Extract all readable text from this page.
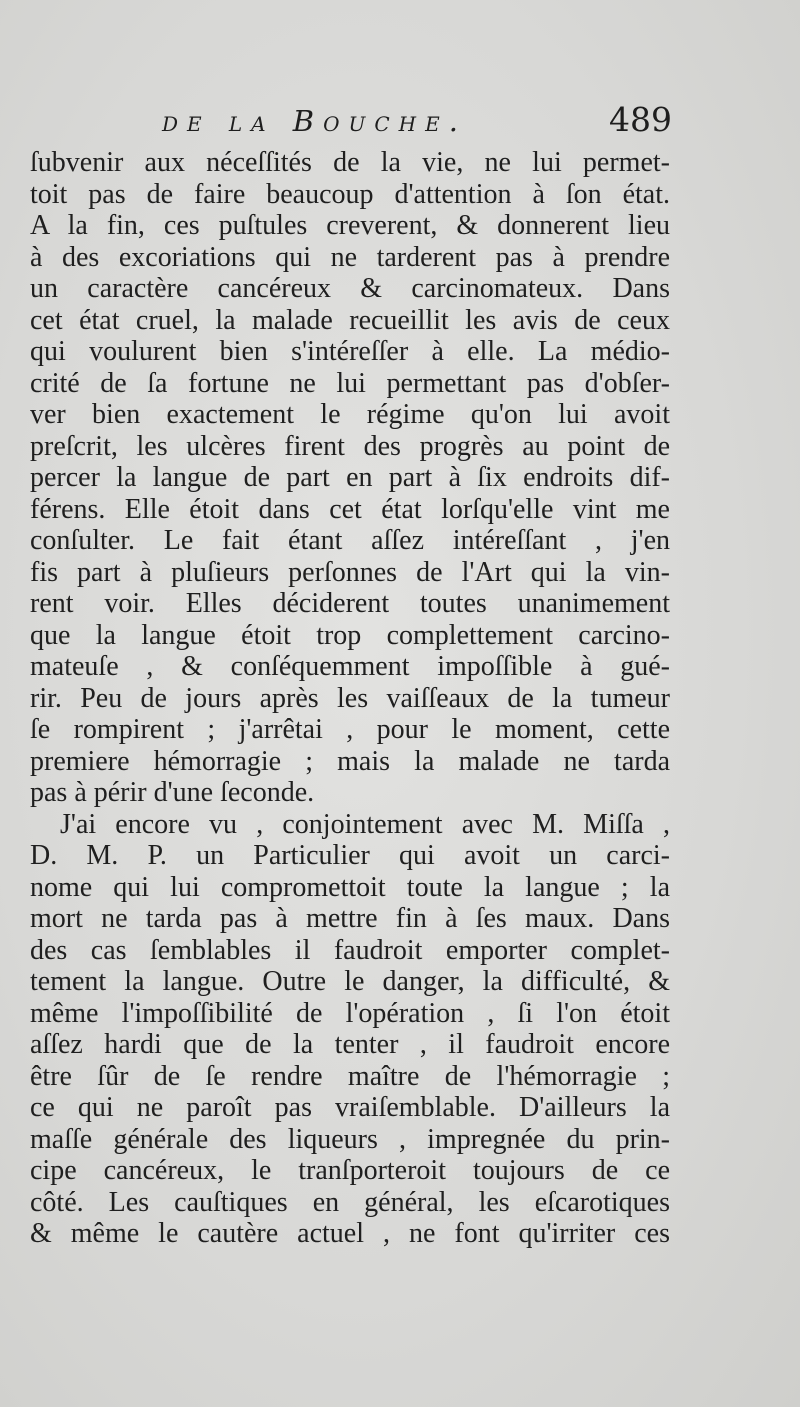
de la Bouche.	489
ſubvenir aux néceſſités de la vie, ne lui permet-
toit pas de faire beaucoup d'attention à ſon état.
A la fin, ces puſtules creverent, & donnerent lieu
à des excoriations qui ne tarderent pas à prendre
un caractère cancéreux & carcinomateux. Dans
cet état cruel, la malade recueillit les avis de ceux
qui voulurent bien s'intéreſſer à elle. La médio-
crité de ſa fortune ne lui permettant pas d'obſer-
ver bien exactement le régime qu'on lui avoit
preſcrit, les ulcères firent des progrès au point de
percer la langue de part en part à ſix endroits dif-
férens. Elle étoit dans cet état lorſqu'elle vint me
conſulter. Le fait étant aſſez intéreſſant , j'en
fis part à pluſieurs perſonnes de l'Art qui la vin-
rent voir. Elles déciderent toutes unanimement
que la langue étoit trop complettement carcino-
mateuſe , & conſéquemment impoſſible à gué-
rir. Peu de jours après les vaiſſeaux de la tumeur
ſe rompirent ; j'arrêtai , pour le moment, cette
premiere hémorragie ; mais la malade ne tarda
pas à périr d'une ſeconde.
J'ai encore vu , conjointement avec M. Miſſa ,
D. M. P. un Particulier qui avoit un carci-
nome qui lui compromettoit toute la langue ; la
mort ne tarda pas à mettre fin à ſes maux. Dans
des cas ſemblables il faudroit emporter complet-
tement la langue. Outre le danger, la difficulté, &
même l'impoſſibilité de l'opération , ſi l'on étoit
aſſez hardi que de la tenter , il faudroit encore
être ſûr de ſe rendre maître de l'hémorragie ;
ce qui ne paroît pas vraiſemblable. D'ailleurs la
maſſe générale des liqueurs , impregnée du prin-
cipe cancéreux, le tranſporteroit toujours de ce
côté. Les cauſtiques en général, les eſcarotiques
& même le cautère actuel , ne font qu'irriter ces
